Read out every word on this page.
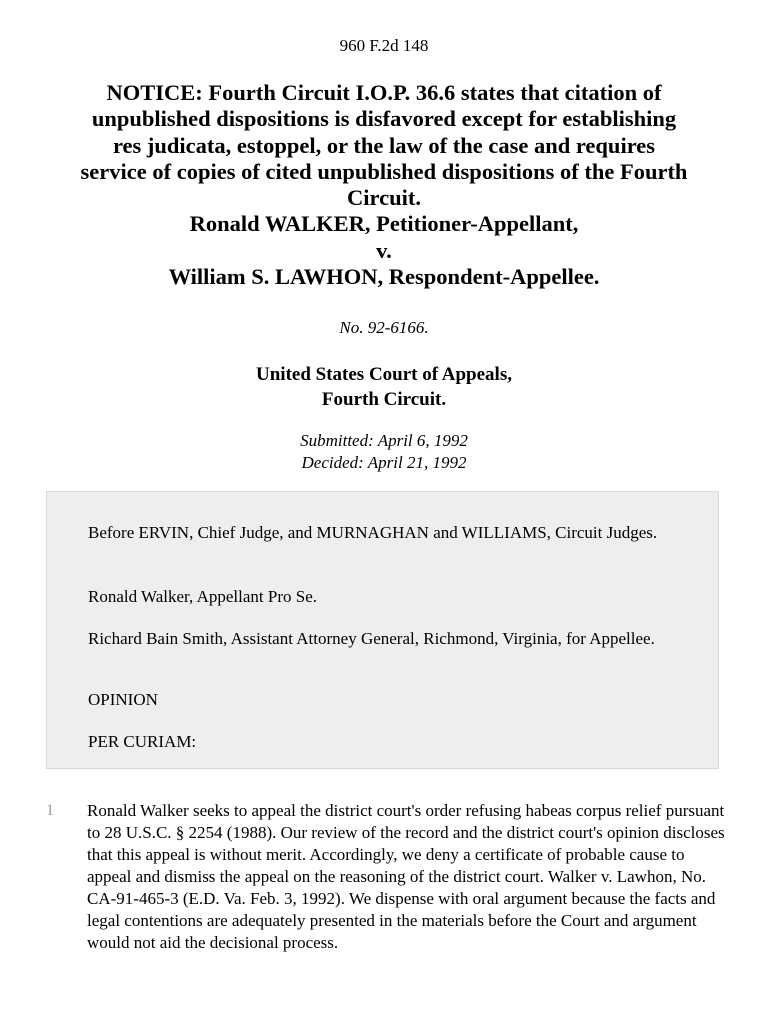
960 F.2d 148
NOTICE: Fourth Circuit I.O.P. 36.6 states that citation of
unpublished dispositions is disfavored except for establishing
res judicata, estoppel, or the law of the case and requires
service of copies of cited unpublished dispositions of the Fourth
Circuit.
Ronald WALKER, Petitioner-Appellant,
v.
William S. LAWHON, Respondent-Appellee.
No. 92-6166.
United States Court of Appeals,
Fourth Circuit.
Submitted: April 6, 1992
Decided: April 21, 1992

Before ERVIN, Chief Judge, and MURNAGHAN and WILLIAMS, Circuit Judges.

Ronald Walker, Appellant Pro Se.

Richard Bain Smith, Assistant Attorney General, Richmond, Virginia, for Appellee.

OPINION

PER CURIAM:

1 Ronald Walker seeks to appeal the district court's order refusing habeas corpus relief pursuant to 28 U.S.C. § 2254 (1988). Our review of the record and the district court's opinion discloses that this appeal is without merit. Accordingly, we deny a certificate of probable cause to appeal and dismiss the appeal on the reasoning of the district court. Walker v. Lawhon, No. CA-91-465-3 (E.D. Va. Feb. 3, 1992). We dispense with oral argument because the facts and legal contentions are adequately presented in the materials before the Court and argument would not aid the decisional process.
